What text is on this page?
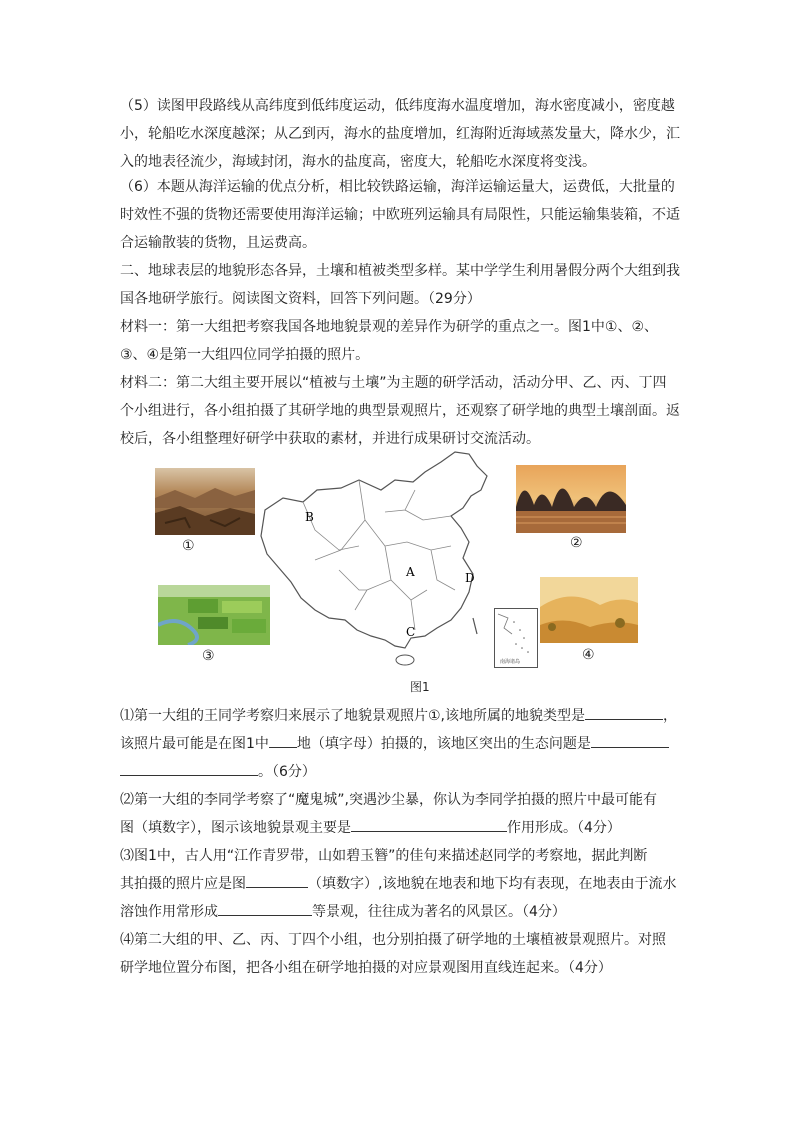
（5）读图甲段路线从高纬度到低纬度运动，低纬度海水温度增加，海水密度减小，密度越
小，轮船吃水深度越深；从乙到丙，海水的盐度增加，红海附近海域蒸发量大，降水少，汇
入的地表径流少，海域封闭，海水的盐度高，密度大，轮船吃水深度将变浅。
（6）本题从海洋运输的优点分析，相比较铁路运输，海洋运输运量大，运费低，大批量的
时效性不强的货物还需要使用海洋运输；中欧班列运输具有局限性，只能运输集装箱，不适
合运输散装的货物，且运费高。
二、地球表层的地貌形态各异，土壤和植被类型多样。某中学学生利用暑假分两个大组到我
国各地研学旅行。阅读图文资料，回答下列问题。（29分）
材料一：第一大组把考察我国各地地貌景观的差异作为研学的重点之一。图1中①、②、
③、④是第一大组四位同学拍摄的照片。
材料二：第二大组主要开展以“植被与土壤”为主题的研学活动，活动分甲、乙、丙、丁四
个小组进行，各小组拍摄了其研学地的典型景观照片，还观察了研学地的典型土壤剖面。返
校后，各小组整理好研学中获取的素材，并进行成果研讨交流活动。
①	②
③	④
B
A	D
C
南海诸岛
图1
⑴第一大组的王同学考察归来展示了地貌景观照片①,该地所属的地貌类型是	，
该照片最可能是在图1中 地（填字母）拍摄的，该地区突出的生态问题是
。（6分）
⑵第一大组的李同学考察了“魔鬼城”,突遇沙尘暴，你认为李同学拍摄的照片中最可能有
图（填数字），图示该地貌景观主要是	作用形成。（4分）
⑶图1中，古人用“江作青罗带，山如碧玉簪”的佳句来描述赵同学的考察地，据此判断
其拍摄的照片应是图	（填数字）,该地貌在地表和地下均有表现，在地表由于流水
溶蚀作用常形成	等景观，往往成为著名的风景区。（4分）
⑷第二大组的甲、乙、丙、丁四个小组，也分别拍摄了研学地的土壤植被景观照片。对照
研学地位置分布图，把各小组在研学地拍摄的对应景观图用直线连起来。（4分）
